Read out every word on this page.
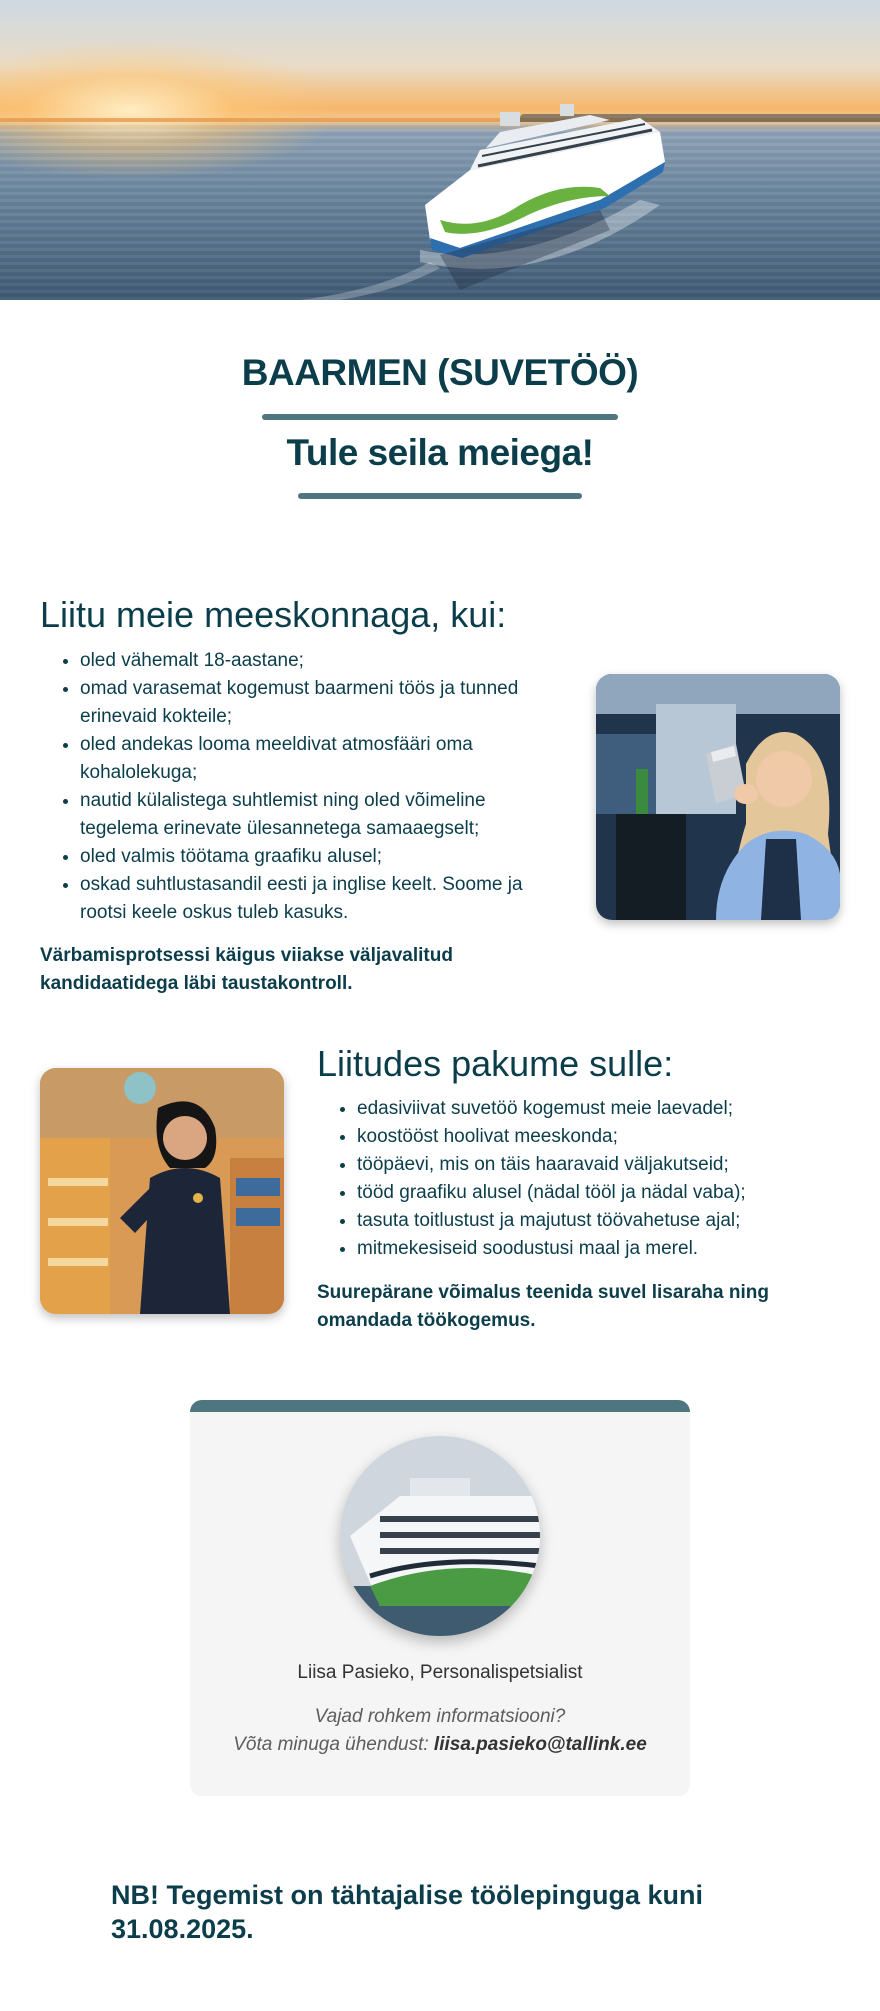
BAARMEN (SUVETÖÖ)
Tule seila meiega!
Liitu meie meeskonnaga, kui:
• oled vähemalt 18-aastane;
• omad varasemat kogemust baarmeni töös ja tunned erinevaid kokteile;
• oled andekas looma meeldivat atmosfääri oma kohalolekuga;
• nautid külalistega suhtlemist ning oled võimeline tegelema erinevate ülesannetega samaaegselt;
• oled valmis töötama graafiku alusel;
• oskad suhtlustasandil eesti ja inglise keelt. Soome ja rootsi keele oskus tuleb kasuks.

Värbamisprotsessi käigus viiakse väljavalitud kandidaatidega läbi taustakontroll.

Liitudes pakume sulle:
• edasiviivat suvetöö kogemust meie laevadel;
• koostööst hoolivat meeskonda;
• tööpäevi, mis on täis haaravaid väljakutseid;
• tööd graafiku alusel (nädal tööl ja nädal vaba);
• tasuta toitlustust ja majutust töövahetuse ajal;
• mitmekesiseid soodustusi maal ja merel.

Suurepärane võimalus teenida suvel lisaraha ning omandada töökogemus.

Liisa Pasieko, Personalispetsialist

Vajad rohkem informatsiooni?

Võta minuga ühendust: liisa.pasieko@tallink.ee

NB! Tegemist on tähtajalise töölepinguga kuni 31.08.2025.
